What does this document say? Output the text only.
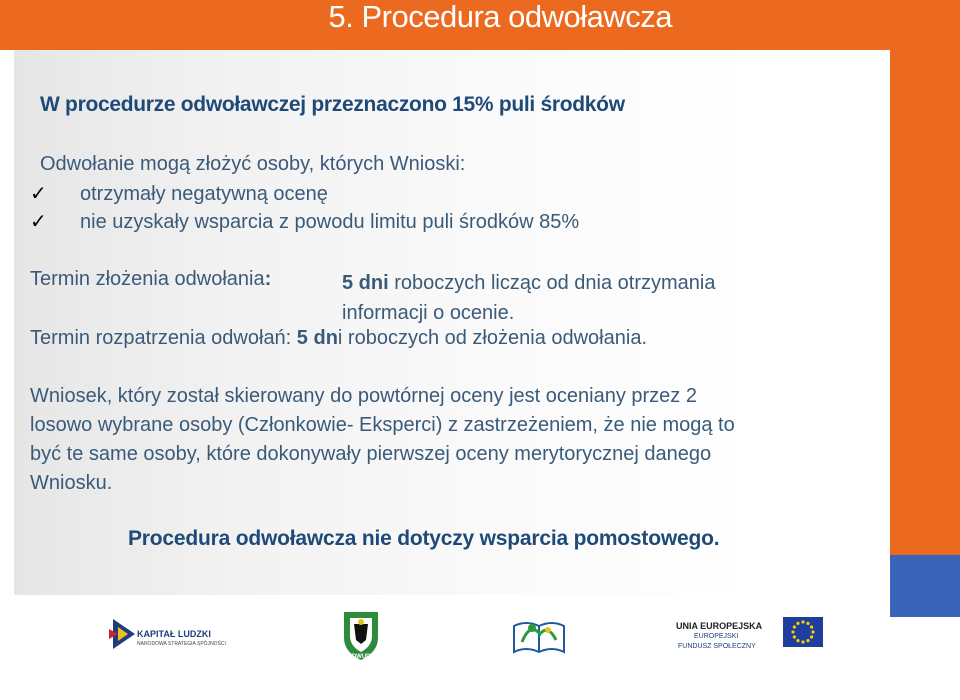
5. Procedura odwoławcza
W procedurze odwoławczej przeznaczono 15% puli środków
Odwołanie mogą złożyć osoby, których Wnioski:
✓ otrzymały negatywną ocenę
✓ nie uzyskały wsparcia z powodu limitu puli środków 85%
Termin złożenia odwołania:	5 dni roboczych licząc od dnia otrzymania
informacji o ocenie.
Termin rozpatrzenia odwołań: 5 dni roboczych od złożenia odwołania.
Wniosek, który został skierowany do powtórnej oceny jest oceniany przez 2
losowo wybrane osoby (Członkowie- Eksperci) z zastrzeżeniem, że nie mogą to
być te same osoby, które dokonywały pierwszej oceny merytorycznej danego
Wniosku.
Procedura odwoławcza nie dotyczy wsparcia pomostowego.
KAPITAŁ LUDZKI
NARODOWA STRATEGIA SPÓJNOŚCI
DWUP
UNIA EUROPEJSKA
EUROPEJSKI
FUNDUSZ SPOŁECZNY
